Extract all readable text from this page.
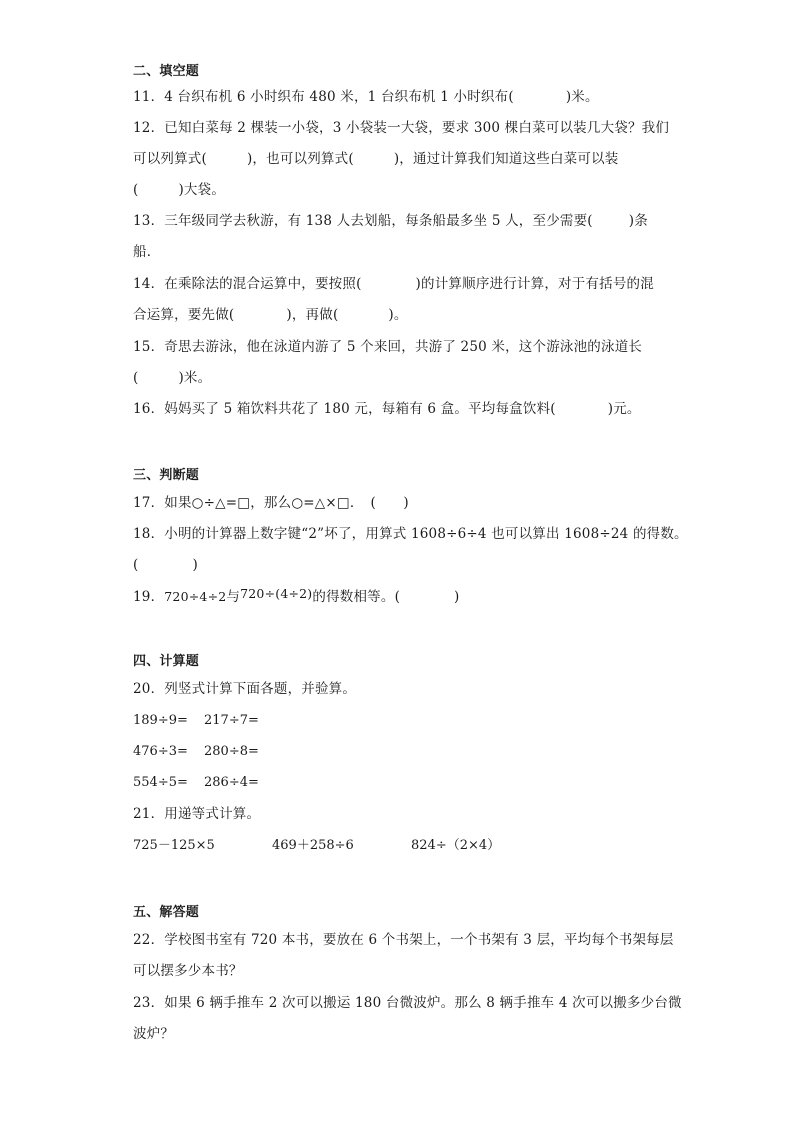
二、填空题
11．4 台织布机 6 小时织布 480 米，1 台织布机 1 小时织布(	)米。
12．已知白菜每 2 棵装一小袋，3 小袋装一大袋，要求 300 棵白菜可以装几大袋？我们
可以列算式(	)，也可以列算式(	)，通过计算我们知道这些白菜可以装
(	)大袋。
13．三年级同学去秋游，有 138 人去划船，每条船最多坐 5 人，至少需要(	)条
船．
14．在乘除法的混合运算中，要按照(	)的计算顺序进行计算，对于有括号的混
合运算，要先做(	)，再做(	)。
15．奇思去游泳，他在泳道内游了 5 个来回，共游了 250 米，这个游泳池的泳道长
(	)米。
16．妈妈买了 5 箱饮料共花了 180 元，每箱有 6 盒。平均每盒饮料(	)元。
三、判断题
17．如果○÷△=□，那么○=△×□．　(　　)
18．小明的计算器上数字键“2”坏了，用算式 1608÷6÷4 也可以算出 1608÷24 的得数。
(	)
19．720÷4÷2与720÷(4÷2)的得数相等。(	)
四、计算题
20．列竖式计算下面各题，并验算。
189÷9= 217÷7=
476÷3= 280÷8=
554÷5= 286÷4=
21．用递等式计算。
725－125×5	469＋258÷6	824÷（2×4）
五、解答题
22．学校图书室有 720 本书，要放在 6 个书架上，一个书架有 3 层，平均每个书架每层
可以摆多少本书？
23．如果 6 辆手推车 2 次可以搬运 180 台微波炉。那么 8 辆手推车 4 次可以搬多少台微
波炉？
